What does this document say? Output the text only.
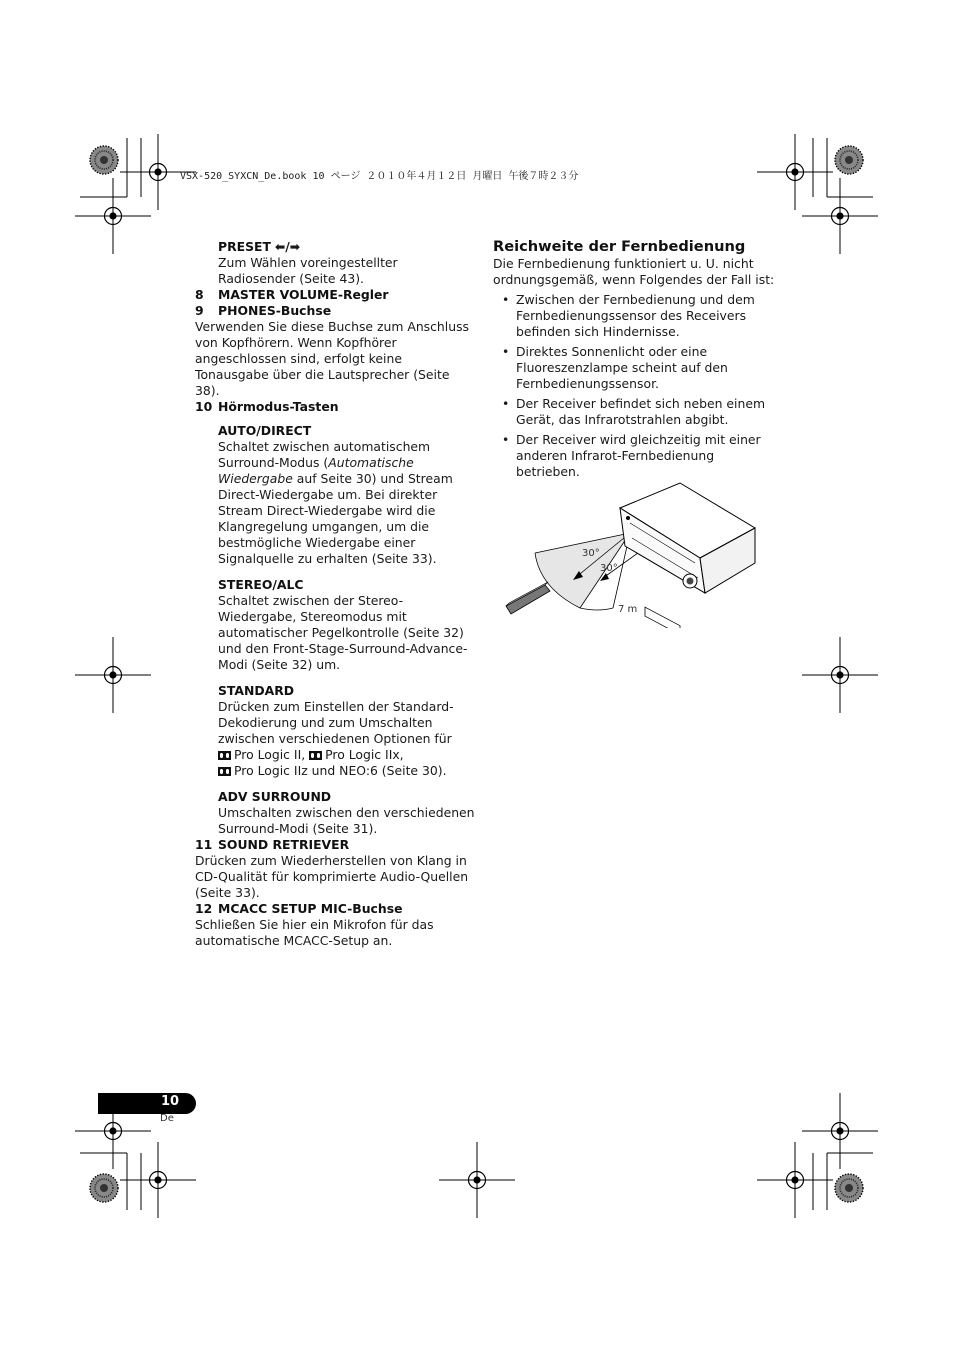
VSX-520_SYXCN_De.book 10 ページ ２０１０年４月１２日 月曜日 午後７時２３分

PRESET ⬅/➡

Zum Wählen voreingestellter Radiosender (Seite 43).

8 MASTER VOLUME-Regler

9 PHONES-Buchse

Verwenden Sie diese Buchse zum Anschluss von Kopfhörern. Wenn Kopfhörer angeschlossen sind, erfolgt keine Tonausgabe über die Lautsprecher (Seite 38).

10 Hörmodus-Tasten

AUTO/DIRECT

Schaltet zwischen automatischem Surround-Modus (Automatische Wiedergabe auf Seite 30) und Stream Direct-Wiedergabe um. Bei direkter Stream Direct-Wiedergabe wird die Klangregelung umgangen, um die bestmögliche Wiedergabe einer Signalquelle zu erhalten (Seite 33).

STEREO/ALC

Schaltet zwischen der Stereo-Wiedergabe, Stereomodus mit automatischer Pegelkontrolle (Seite 32) und den Front-Stage-Surround-Advance-Modi (Seite 32) um.

STANDARD

Drücken zum Einstellen der Standard-Dekodierung und zum Umschalten zwischen verschiedenen Optionen für

Pro Logic II, Pro Logic IIx,

Pro Logic IIz und NEO:6 (Seite 30).

ADV SURROUND

Umschalten zwischen den verschiedenen Surround-Modi (Seite 31).

11 SOUND RETRIEVER

Drücken zum Wiederherstellen von Klang in CD-Qualität für komprimierte Audio-Quellen (Seite 33).

12 MCACC SETUP MIC-Buchse

Schließen Sie hier ein Mikrofon für das automatische MCACC-Setup an.

Reichweite der Fernbedienung

Die Fernbedienung funktioniert u. U. nicht ordnungsgemäß, wenn Folgendes der Fall ist:

• Zwischen der Fernbedienung und dem Fernbedienungssensor des Receivers befinden sich Hindernisse.
• Direktes Sonnenlicht oder eine Fluoreszenzlampe scheint auf den Fernbedienungssensor.
• Der Receiver befindet sich neben einem Gerät, das Infrarotstrahlen abgibt.
• Der Receiver wird gleichzeitig mit einer anderen Infrarot-Fernbedienung betrieben.
30°
30°
7 m
10
De
